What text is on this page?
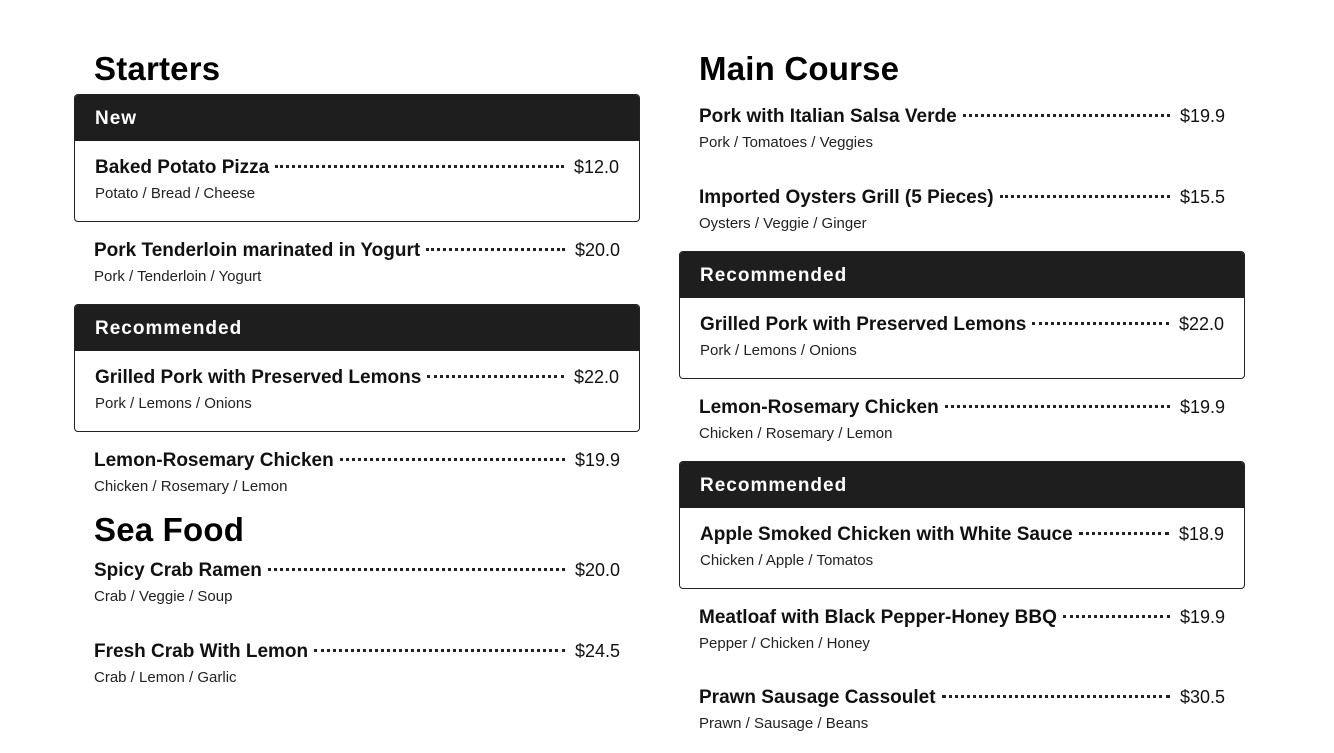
Starters
New
Baked Potato Pizza	$12.0
Potato / Bread / Cheese
Pork Tenderloin marinated in Yogurt	$20.0
Pork / Tenderloin / Yogurt
Recommended
Grilled Pork with Preserved Lemons	$22.0
Pork / Lemons / Onions
Lemon-Rosemary Chicken	$19.9
Chicken / Rosemary / Lemon
Sea Food
Spicy Crab Ramen	$20.0
Crab / Veggie / Soup
Fresh Crab With Lemon	$24.5
Crab / Lemon / Garlic
Main Course
Pork with Italian Salsa Verde	$19.9
Pork / Tomatoes / Veggies
Imported Oysters Grill (5 Pieces)	$15.5
Oysters / Veggie / Ginger
Recommended
Grilled Pork with Preserved Lemons	$22.0
Pork / Lemons / Onions
Lemon-Rosemary Chicken	$19.9
Chicken / Rosemary / Lemon
Recommended
Apple Smoked Chicken with White Sauce	$18.9
Chicken / Apple / Tomatos
Meatloaf with Black Pepper-Honey BBQ	$19.9
Pepper / Chicken / Honey
Prawn Sausage Cassoulet	$30.5
Prawn / Sausage / Beans
